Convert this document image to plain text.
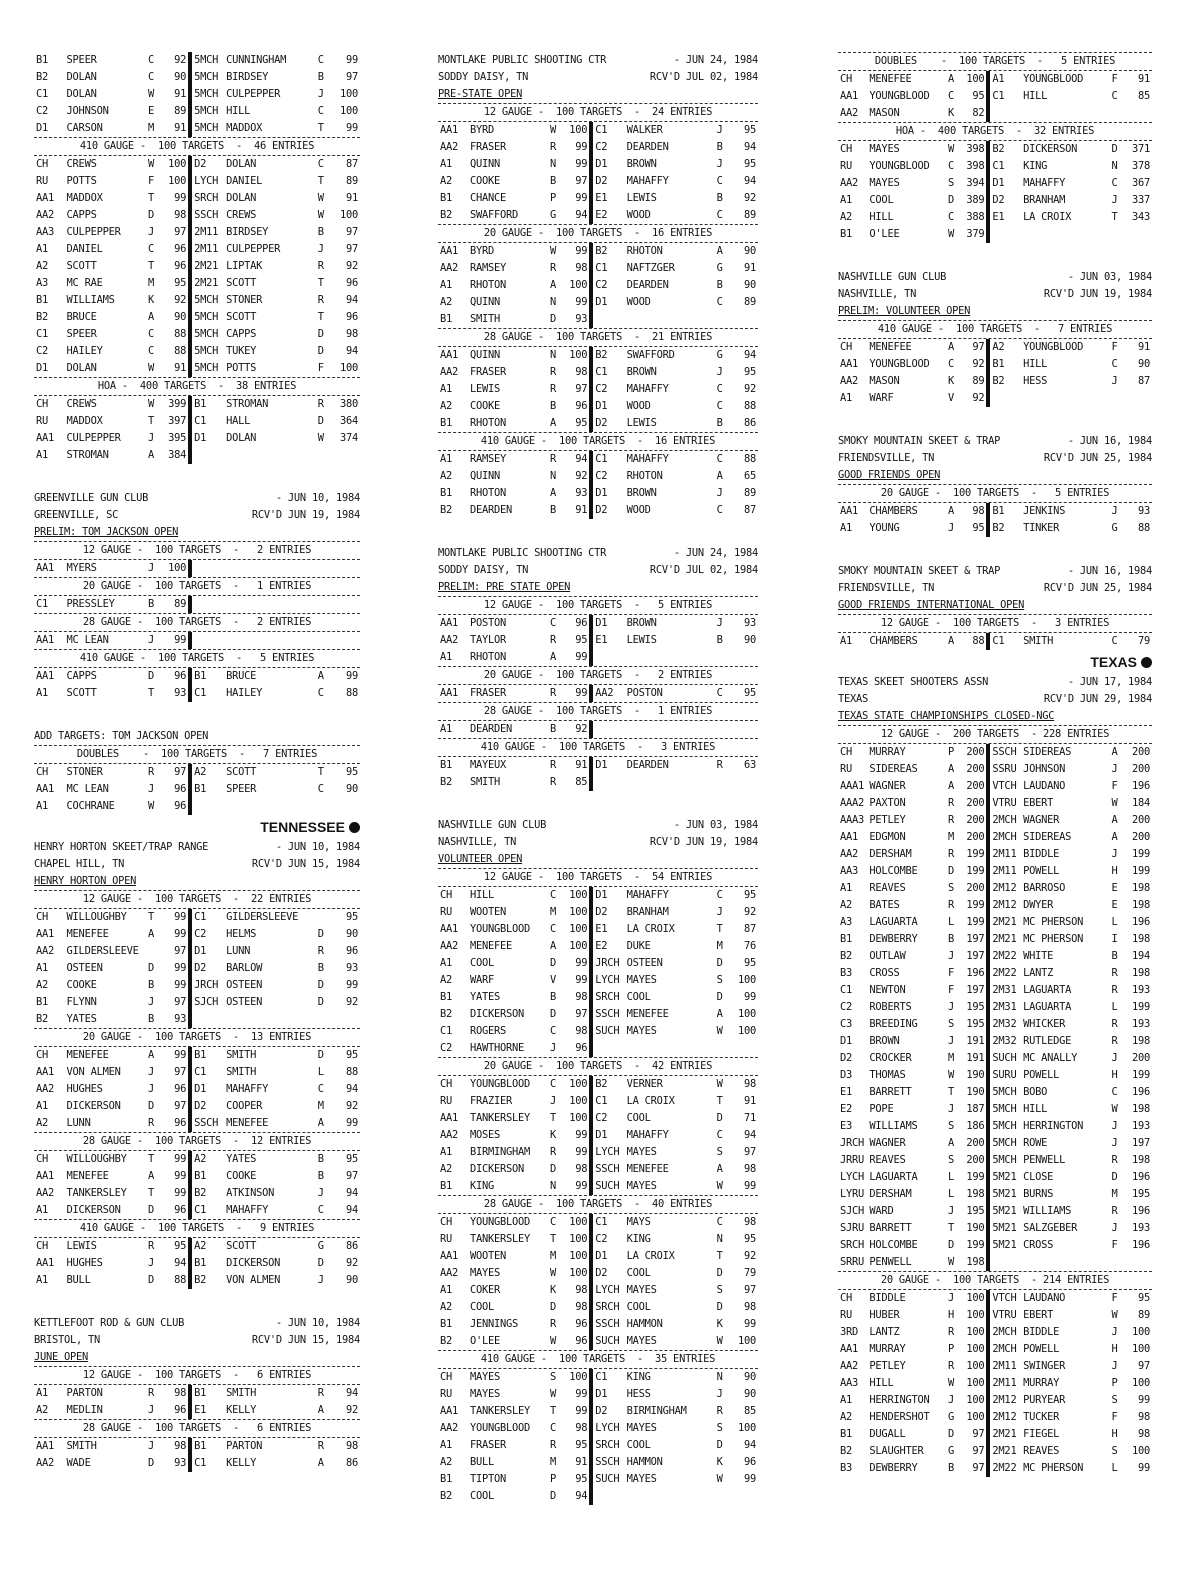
B1	SPEER	C	92	5MCH	CUNNINGHAM	C	99
B2	DOLAN	C	90	5MCH	BIRDSEY	B	97
C1	DOLAN	W	91	5MCH	CULPEPPER	J	100
C2	JOHNSON	E	89	5MCH	HILL	C	100
D1	CARSON	M	91	5MCH	MADDOX	T	99
410 GAUGE -  100 TARGETS  -  46 ENTRIES
CH	CREWS	W	100	D2	DOLAN	C	87
RU	POTTS	F	100	LYCH	DANIEL	T	89
AA1	MADDOX	T	99	SRCH	DOLAN	W	91
AA2	CAPPS	D	98	SSCH	CREWS	W	100
AA3	CULPEPPER	J	97	2M11	BIRDSEY	B	97
A1	DANIEL	C	96	2M11	CULPEPPER	J	97
A2	SCOTT	T	96	2M21	LIPTAK	R	92
A3	MC RAE	M	95	2M21	SCOTT	T	96
B1	WILLIAMS	K	92	5MCH	STONER	R	94
B2	BRUCE	A	90	5MCH	SCOTT	T	96
C1	SPEER	C	88	5MCH	CAPPS	D	98
C2	HAILEY	C	88	5MCH	TUKEY	D	94
D1	DOLAN	W	91	5MCH	POTTS	F	100
HOA -  400 TARGETS  -  38 ENTRIES
CH	CREWS	W	399	B1	STROMAN	R	380
RU	MADDOX	T	397	C1	HALL	D	364
AA1	CULPEPPER	J	395	D1	DOLAN	W	374
A1	STROMAN	A	384				
GREENVILLE GUN CLUB	- JUN 10, 1984
GREENVILLE, SC	RCV'D JUN 19, 1984
PRELIM: TOM JACKSON OPEN
12 GAUGE -  100 TARGETS  -   2 ENTRIES
AA1	MYERS	J	100				
20 GAUGE -  100 TARGETS  -   1 ENTRIES
C1	PRESSLEY	B	89				
28 GAUGE -  100 TARGETS  -   2 ENTRIES
AA1	MC LEAN	J	99				
410 GAUGE -  100 TARGETS  -   5 ENTRIES
AA1	CAPPS	D	96	B1	BRUCE	A	99
A1	SCOTT	T	93	C1	HAILEY	C	88
ADD TARGETS: TOM JACKSON OPEN
DOUBLES    -  100 TARGETS  -   7 ENTRIES
CH	STONER	R	97	A2	SCOTT	T	95
AA1	MC LEAN	J	96	B1	SPEER	C	90
A1	COCHRANE	W	96				
TENNESSEE
HENRY HORTON SKEET/TRAP RANGE	- JUN 10, 1984
CHAPEL HILL, TN	RCV'D JUN 15, 1984
HENRY HORTON OPEN
12 GAUGE -  100 TARGETS  -  22 ENTRIES
CH	WILLOUGHBY	T	99	C1	GILDERSLEEVE		95
AA1	MENEFEE	A	99	C2	HELMS	D	90
AA2	GILDERSLEEVE		97	D1	LUNN	R	96
A1	OSTEEN	D	99	D2	BARLOW	B	93
A2	COOKE	B	99	JRCH	OSTEEN	D	99
B1	FLYNN	J	97	SJCH	OSTEEN	D	92
B2	YATES	B	93				
20 GAUGE -  100 TARGETS  -  13 ENTRIES
CH	MENEFEE	A	99	B1	SMITH	D	95
AA1	VON ALMEN	J	97	C1	SMITH	L	88
AA2	HUGHES	J	96	D1	MAHAFFY	C	94
A1	DICKERSON	D	97	D2	COOPER	M	92
A2	LUNN	R	96	SSCH	MENEFEE	A	99
28 GAUGE -  100 TARGETS  -  12 ENTRIES
CH	WILLOUGHBY	T	99	A2	YATES	B	95
AA1	MENEFEE	A	99	B1	COOKE	B	97
AA2	TANKERSLEY	T	99	B2	ATKINSON	J	94
A1	DICKERSON	D	96	C1	MAHAFFY	C	94
410 GAUGE -  100 TARGETS  -   9 ENTRIES
CH	LEWIS	R	95	A2	SCOTT	G	86
AA1	HUGHES	J	94	B1	DICKERSON	D	92
A1	BULL	D	88	B2	VON ALMEN	J	90
KETTLEFOOT ROD & GUN CLUB	- JUN 10, 1984
BRISTOL, TN	RCV'D JUN 15, 1984
JUNE OPEN
12 GAUGE -  100 TARGETS  -   6 ENTRIES
A1	PARTON	R	98	B1	SMITH	R	94
A2	MEDLIN	J	96	E1	KELLY	A	92
28 GAUGE -  100 TARGETS  -   6 ENTRIES
AA1	SMITH	J	98	B1	PARTON	R	98
AA2	WADE	D	93	C1	KELLY	A	86
MONTLAKE PUBLIC SHOOTING CTR	- JUN 24, 1984
SODDY DAISY, TN	RCV'D JUL 02, 1984
PRE-STATE OPEN
12 GAUGE -  100 TARGETS  -  24 ENTRIES
AA1	BYRD	W	100	C1	WALKER	J	95
AA2	FRASER	R	99	C2	DEARDEN	B	94
A1	QUINN	N	99	D1	BROWN	J	95
A2	COOKE	B	97	D2	MAHAFFY	C	94
B1	CHANCE	P	99	E1	LEWIS	B	92
B2	SWAFFORD	G	94	E2	WOOD	C	89
20 GAUGE -  100 TARGETS  -  16 ENTRIES
AA1	BYRD	W	99	B2	RHOTON	A	90
AA2	RAMSEY	R	98	C1	NAFTZGER	G	91
A1	RHOTON	A	100	C2	DEARDEN	B	90
A2	QUINN	N	99	D1	WOOD	C	89
B1	SMITH	D	93				
28 GAUGE -  100 TARGETS  -  21 ENTRIES
AA1	QUINN	N	100	B2	SWAFFORD	G	94
AA2	FRASER	R	98	C1	BROWN	J	95
A1	LEWIS	R	97	C2	MAHAFFY	C	92
A2	COOKE	B	96	D1	WOOD	C	88
B1	RHOTON	A	95	D2	LEWIS	B	86
410 GAUGE -  100 TARGETS  -  16 ENTRIES
A1	RAMSEY	R	94	C1	MAHAFFY	C	88
A2	QUINN	N	92	C2	RHOTON	A	65
B1	RHOTON	A	93	D1	BROWN	J	89
B2	DEARDEN	B	91	D2	WOOD	C	87
MONTLAKE PUBLIC SHOOTING CTR	- JUN 24, 1984
SODDY DAISY, TN	RCV'D JUL 02, 1984
PRELIM: PRE STATE OPEN
12 GAUGE -  100 TARGETS  -   5 ENTRIES
AA1	POSTON	C	96	D1	BROWN	J	93
AA2	TAYLOR	R	95	E1	LEWIS	B	90
A1	RHOTON	A	99				
20 GAUGE -  100 TARGETS  -   2 ENTRIES
AA1	FRASER	R	99	AA2	POSTON	C	95
28 GAUGE -  100 TARGETS  -   1 ENTRIES
A1	DEARDEN	B	92				
410 GAUGE -  100 TARGETS  -   3 ENTRIES
B1	MAYEUX	R	91	D1	DEARDEN	R	63
B2	SMITH	R	85				
NASHVILLE GUN CLUB	- JUN 03, 1984
NASHVILLE, TN	RCV'D JUN 19, 1984
VOLUNTEER OPEN
12 GAUGE -  100 TARGETS  -  54 ENTRIES
CH	HILL	C	100	D1	MAHAFFY	C	95
RU	WOOTEN	M	100	D2	BRANHAM	J	92
AA1	YOUNGBLOOD	C	100	E1	LA CROIX	T	87
AA2	MENEFEE	A	100	E2	DUKE	M	76
A1	COOL	D	99	JRCH	OSTEEN	D	95
A2	WARF	V	99	LYCH	MAYES	S	100
B1	YATES	B	98	SRCH	COOL	D	99
B2	DICKERSON	D	97	SSCH	MENEFEE	A	100
C1	ROGERS	C	98	SUCH	MAYES	W	100
C2	HAWTHORNE	J	96				
20 GAUGE -  100 TARGETS  -  42 ENTRIES
CH	YOUNGBLOOD	C	100	B2	VERNER	W	98
RU	FRAZIER	J	100	C1	LA CROIX	T	91
AA1	TANKERSLEY	T	100	C2	COOL	D	71
AA2	MOSES	K	99	D1	MAHAFFY	C	94
A1	BIRMINGHAM	R	99	LYCH	MAYES	S	97
A2	DICKERSON	D	98	SSCH	MENEFEE	A	98
B1	KING	N	99	SUCH	MAYES	W	99
28 GAUGE -  100 TARGETS  -  40 ENTRIES
CH	YOUNGBLOOD	C	100	C1	MAYS	C	98
RU	TANKERSLEY	T	100	C2	KING	N	95
AA1	WOOTEN	M	100	D1	LA CROIX	T	92
AA2	MAYES	W	100	D2	COOL	D	79
A1	COKER	K	98	LYCH	MAYES	S	97
A2	COOL	D	98	SRCH	COOL	D	98
B1	JENNINGS	R	96	SSCH	HAMMON	K	99
B2	O'LEE	W	96	SUCH	MAYES	W	100
410 GAUGE -  100 TARGETS  -  35 ENTRIES
CH	MAYES	S	100	C1	KING	N	90
RU	MAYES	W	99	D1	HESS	J	90
AA1	TANKERSLEY	T	99	D2	BIRMINGHAM	R	85
AA2	YOUNGBLOOD	C	98	LYCH	MAYES	S	100
A1	FRASER	R	95	SRCH	COOL	D	94
A2	BULL	M	91	SSCH	HAMMON	K	96
B1	TIPTON	P	95	SUCH	MAYES	W	99
B2	COOL	D	94				
DOUBLES    -  100 TARGETS  -   5 ENTRIES
CH	MENEFEE	A	100	A1	YOUNGBLOOD	F	91
AA1	YOUNGBLOOD	C	95	C1	HILL	C	85
AA2	MASON	K	82				
HOA -  400 TARGETS  -  32 ENTRIES
CH	MAYES	W	398	B2	DICKERSON	D	371
RU	YOUNGBLOOD	C	398	C1	KING	N	378
AA2	MAYES	S	394	D1	MAHAFFY	C	367
A1	COOL	D	389	D2	BRANHAM	J	337
A2	HILL	C	388	E1	LA CROIX	T	343
B1	O'LEE	W	379				
NASHVILLE GUN CLUB	- JUN 03, 1984
NASHVILLE, TN	RCV'D JUN 19, 1984
PRELIM: VOLUNTEER OPEN
410 GAUGE -  100 TARGETS  -   7 ENTRIES
CH	MENEFEE	A	97	A2	YOUNGBLOOD	F	91
AA1	YOUNGBLOOD	C	92	B1	HILL	C	90
AA2	MASON	K	89	B2	HESS	J	87
A1	WARF	V	92				
SMOKY MOUNTAIN SKEET & TRAP	- JUN 16, 1984
FRIENDSVILLE, TN	RCV'D JUN 25, 1984
GOOD FRIENDS OPEN
20 GAUGE -  100 TARGETS  -   5 ENTRIES
AA1	CHAMBERS	A	98	B1	JENKINS	J	93
A1	YOUNG	J	95	B2	TINKER	G	88
SMOKY MOUNTAIN SKEET & TRAP	- JUN 16, 1984
FRIENDSVILLE, TN	RCV'D JUN 25, 1984
GOOD FRIENDS INTERNATIONAL OPEN
12 GAUGE -  100 TARGETS  -   3 ENTRIES
A1	CHAMBERS	A	88	C1	SMITH	C	79
TEXAS
TEXAS SKEET SHOOTERS ASSN	- JUN 17, 1984
TEXAS	RCV'D JUN 29, 1984
TEXAS STATE CHAMPIONSHIPS CLOSED-NGC
12 GAUGE -  200 TARGETS  - 228 ENTRIES
CH	MURRAY	P	200	SSCH	SIDEREAS	A	200
RU	SIDEREAS	A	200	SSRU	JOHNSON	J	200
AAA1	WAGNER	A	200	VTCH	LAUDANO	F	196
AAA2	PAXTON	R	200	VTRU	EBERT	W	184
AAA3	PETLEY	R	200	2MCH	WAGNER	A	200
AA1	EDGMON	M	200	2MCH	SIDEREAS	A	200
AA2	DERSHAM	R	199	2M11	BIDDLE	J	199
AA3	HOLCOMBE	D	199	2M11	POWELL	H	199
A1	REAVES	S	200	2M12	BARROSO	E	198
A2	BATES	R	199	2M12	DWYER	E	198
A3	LAGUARTA	L	199	2M21	MC PHERSON	L	196
B1	DEWBERRY	B	197	2M21	MC PHERSON	I	198
B2	OUTLAW	J	197	2M22	WHITE	B	194
B3	CROSS	F	196	2M22	LANTZ	R	198
C1	NEWTON	F	197	2M31	LAGUARTA	R	193
C2	ROBERTS	J	195	2M31	LAGUARTA	L	199
C3	BREEDING	S	195	2M32	WHICKER	R	193
D1	BROWN	J	191	2M32	RUTLEDGE	R	198
D2	CROCKER	M	191	SUCH	MC ANALLY	J	200
D3	THOMAS	W	190	SURU	POWELL	H	199
E1	BARRETT	T	190	5MCH	BOBO	C	196
E2	POPE	J	187	5MCH	HILL	W	198
E3	WILLIAMS	S	186	5MCH	HERRINGTON	J	193
JRCH	WAGNER	A	200	5MCH	ROWE	J	197
JRRU	REAVES	S	200	5MCH	PENWELL	R	198
LYCH	LAGUARTA	L	199	5M21	CLOSE	D	196
LYRU	DERSHAM	L	198	5M21	BURNS	M	195
SJCH	WARD	J	195	5M21	WILLIAMS	R	196
SJRU	BARRETT	T	190	5M21	SALZGEBER	J	193
SRCH	HOLCOMBE	D	199	5M21	CROSS	F	196
SRRU	PENWELL	W	198				
20 GAUGE -  100 TARGETS  - 214 ENTRIES
CH	BIDDLE	J	100	VTCH	LAUDANO	F	95
RU	HUBER	H	100	VTRU	EBERT	W	89
3RD	LANTZ	R	100	2MCH	BIDDLE	J	100
AA1	MURRAY	P	100	2MCH	POWELL	H	100
AA2	PETLEY	R	100	2M11	SWINGER	J	97
AA3	HILL	W	100	2M11	MURRAY	P	100
A1	HERRINGTON	J	100	2M12	PURYEAR	S	99
A2	HENDERSHOT	G	100	2M12	TUCKER	F	98
B1	DUGALL	D	97	2M21	FIEGEL	H	98
B2	SLAUGHTER	G	97	2M21	REAVES	S	100
B3	DEWBERRY	B	97	2M22	MC PHERSON	L	99
